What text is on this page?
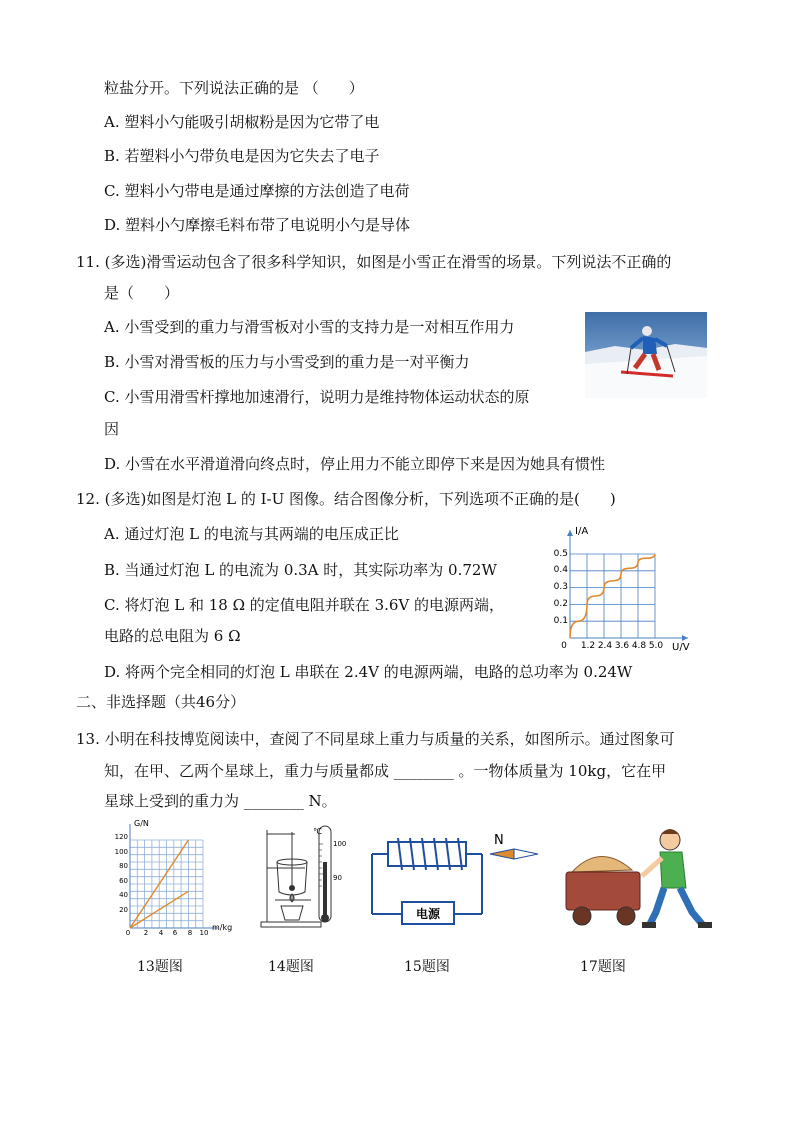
粒盐分开。下列说法正确的是 （　　）
A. 塑料小勺能吸引胡椒粉是因为它带了电
B. 若塑料小勺带负电是因为它失去了电子
C. 塑料小勺带电是通过摩擦的方法创造了电荷
D. 塑料小勺摩擦毛料布带了电说明小勺是导体
11. (多选)滑雪运动包含了很多科学知识，如图是小雪正在滑雪的场景。下列说法不正确的
是（　　）
A. 小雪受到的重力与滑雪板对小雪的支持力是一对相互作用力
B. 小雪对滑雪板的压力与小雪受到的重力是一对平衡力
C. 小雪用滑雪杆撑地加速滑行，说明力是维持物体运动状态的原
因
D. 小雪在水平滑道滑向终点时，停止用力不能立即停下来是因为她具有惯性
12. (多选)如图是灯泡 L 的 I-U 图像。结合图像分析，下列选项不正确的是(　　)
A. 通过灯泡 L 的电流与其两端的电压成正比
B. 当通过灯泡 L 的电流为 0.3A 时，其实际功率为 0.72W
C. 将灯泡 L 和 18 Ω 的定值电阻并联在 3.6V 的电源两端，
电路的总电阻为 6 Ω
D. 将两个完全相同的灯泡 L 串联在 2.4V 的电源两端，电路的总功率为 0.24W
I/A
U/V
0.5
0.4
0.3
0.2
0.1
0 1.2 2.4 3.6 4.8 5.0
二、非选择题（共46分）
13. 小明在科技博览阅读中，查阅了不同星球上重力与质量的关系，如图所示。通过图象可
知，在甲、乙两个星球上，重力与质量都成 ________ 。一物体质量为 10kg，它在甲
星球上受到的重力为 ________ N。
G/N
m/kg
120
100
80
60
40
20
0 2 4 6 8 10
℃
100
90
电源
N
13题图	14题图	15题图	17题图
